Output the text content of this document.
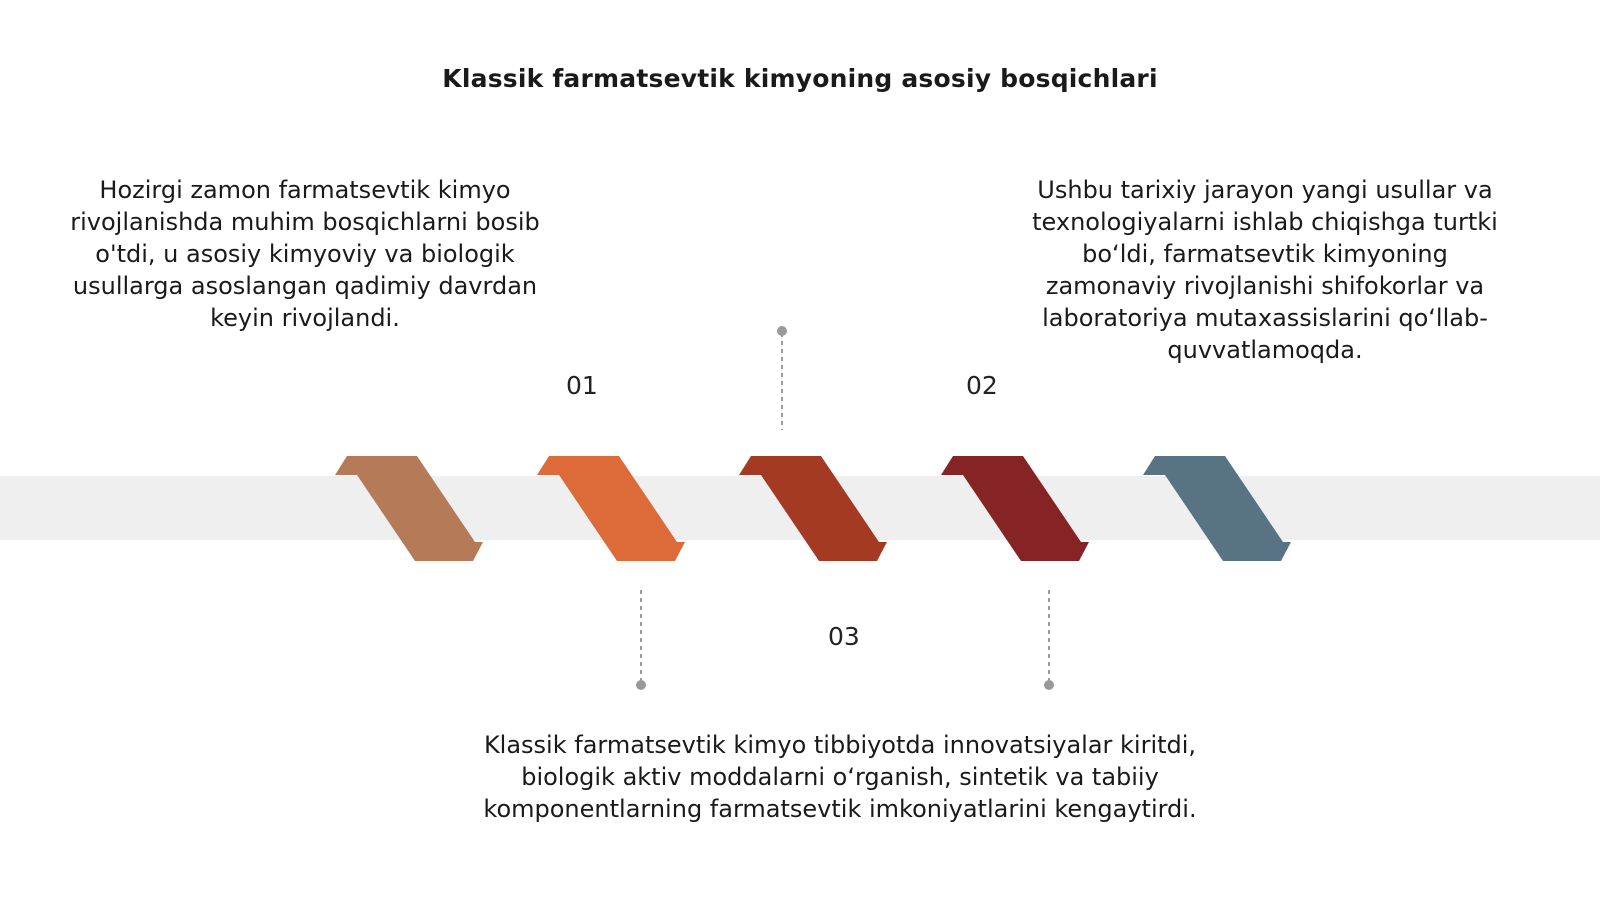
Klassik farmatsevtik kimyoning asosiy bosqichlari
Hozirgi zamon farmatsevtik kimyo rivojlanishda muhim bosqichlarni bosib o'tdi, u asosiy kimyoviy va biologik usullarga asoslangan qadimiy davrdan keyin rivojlandi.
Ushbu tarixiy jarayon yangi usullar va texnologiyalarni ishlab chiqishga turtki bo‘ldi, farmatsevtik kimyoning zamonaviy rivojlanishi shifokorlar va laboratoriya mutaxassislarini qo‘llab-quvvatlamoqda.
Klassik farmatsevtik kimyo tibbiyotda innovatsiyalar kiritdi, biologik aktiv moddalarni o‘rganish, sintetik va tabiiy komponentlarning farmatsevtik imkoniyatlarini kengaytirdi.
01	02
03
